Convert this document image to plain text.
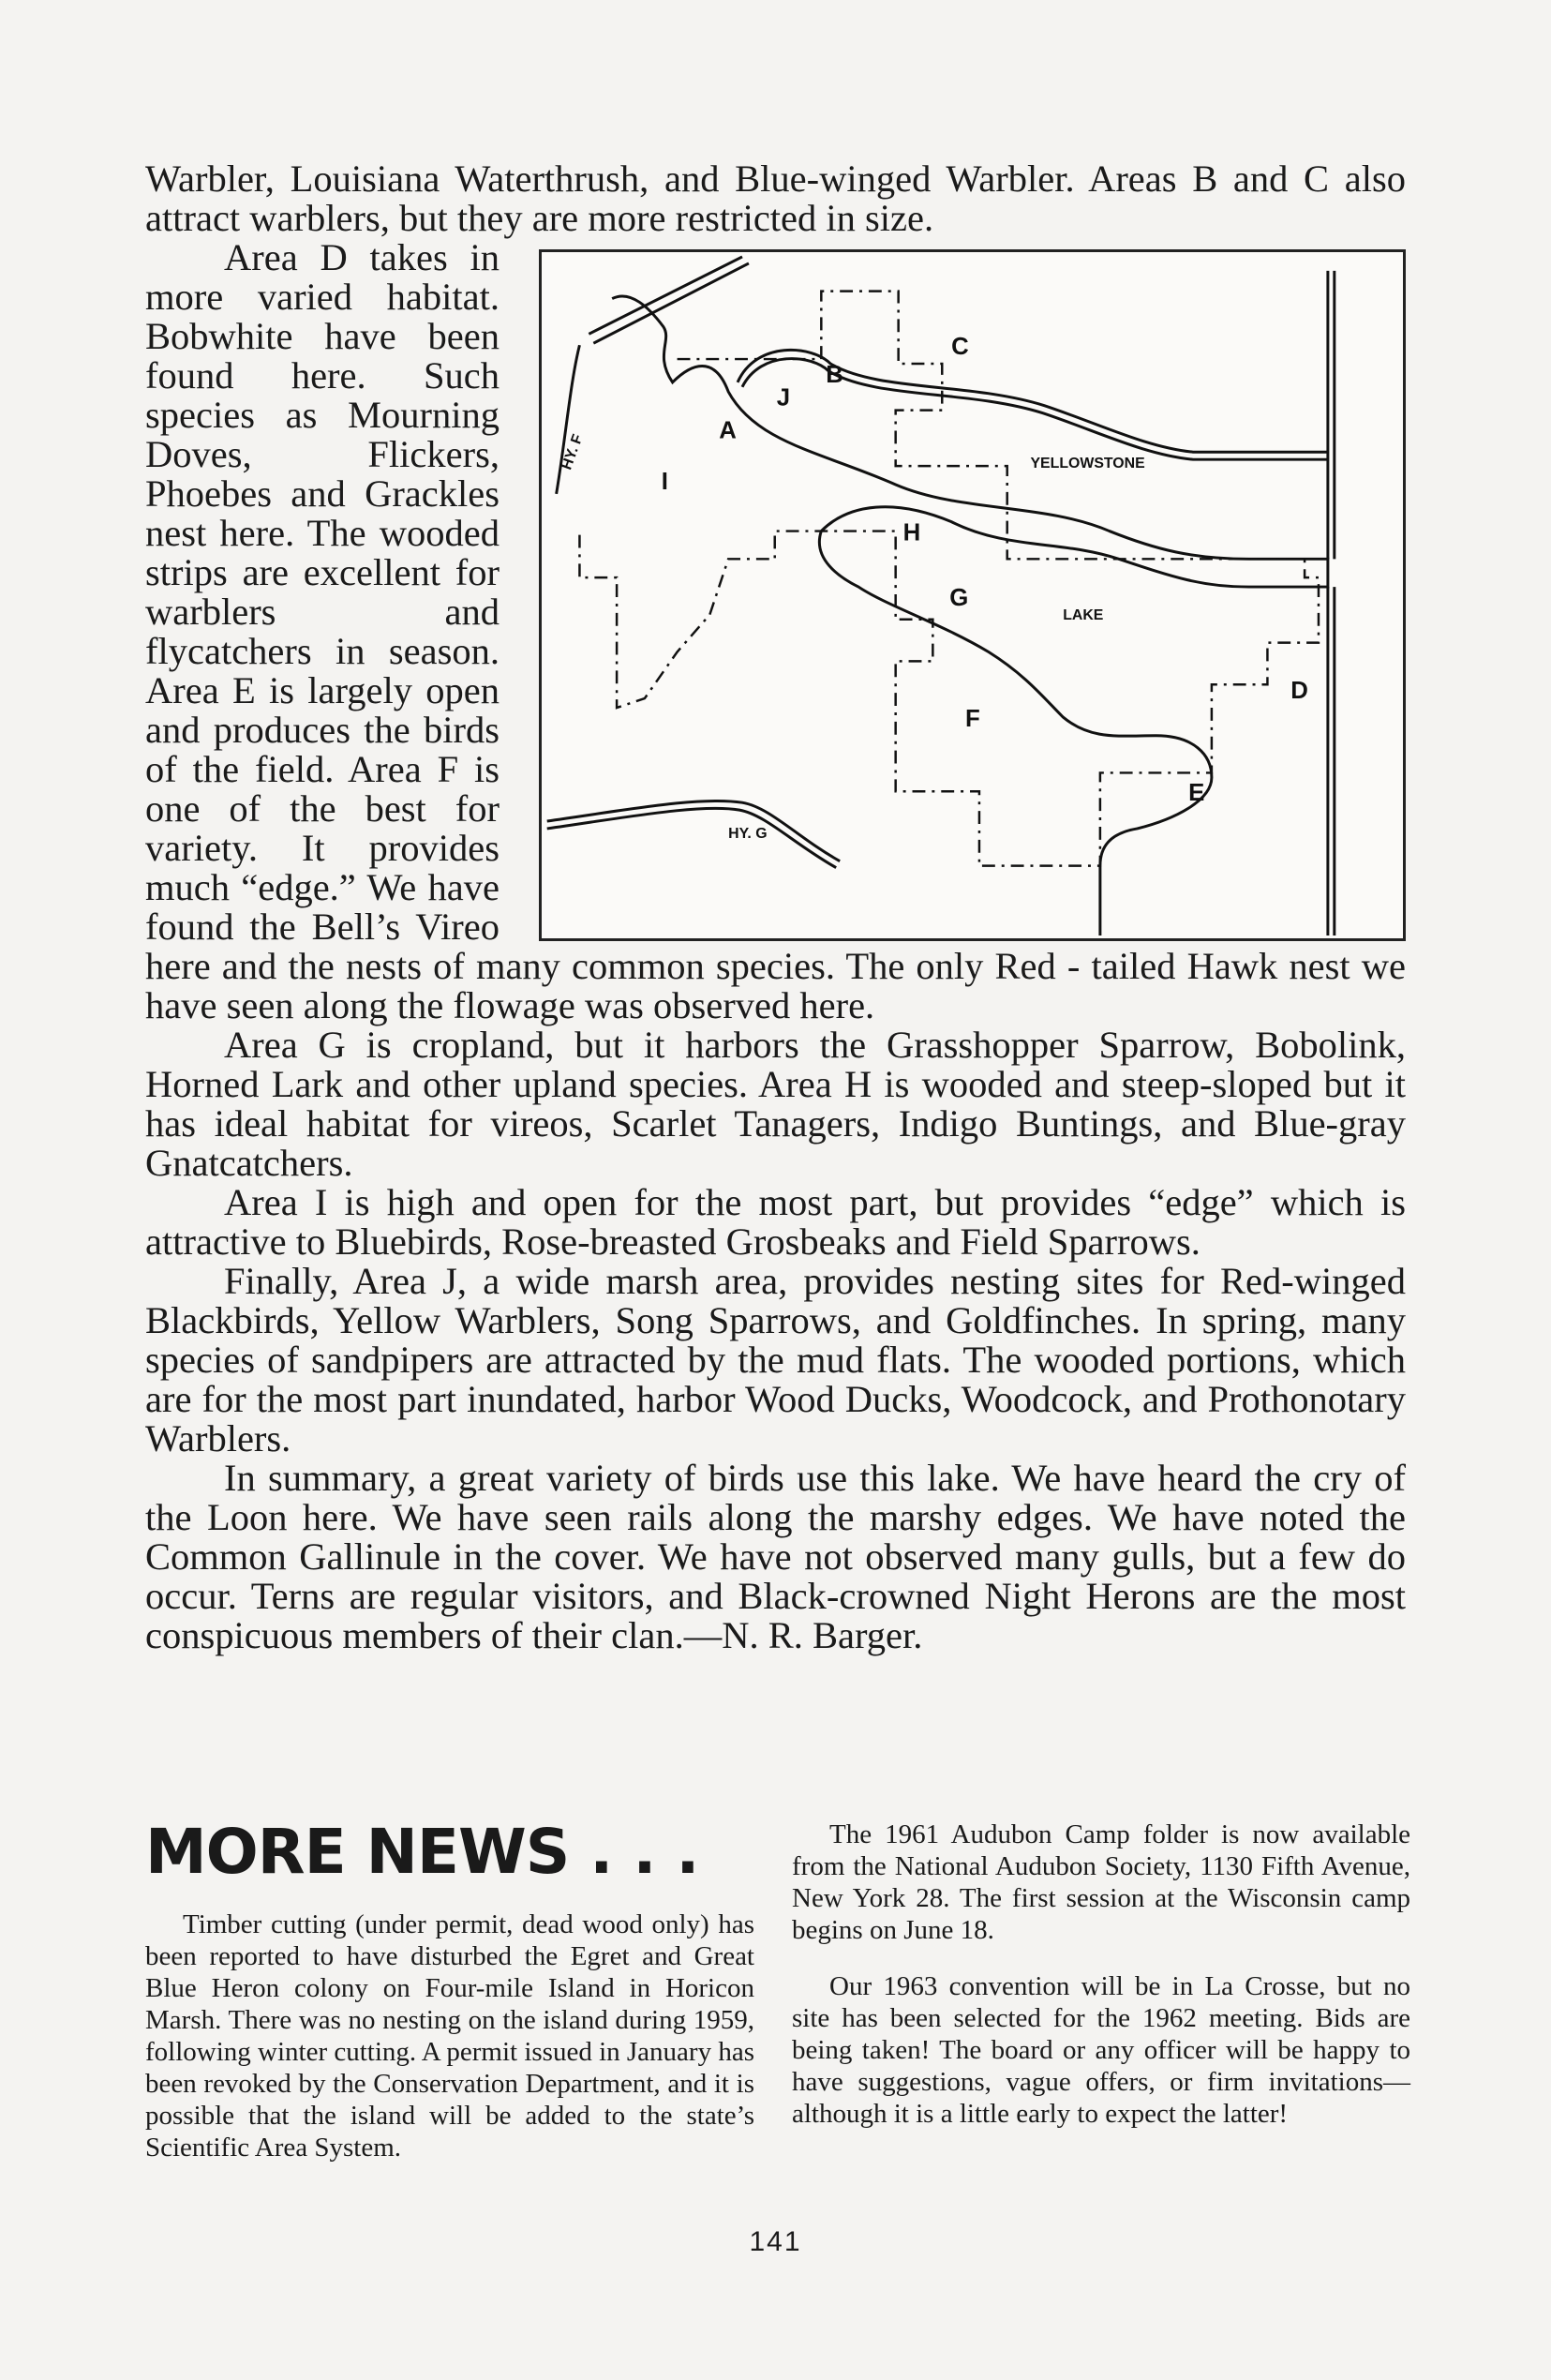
Warbler, Louisiana Waterthrush, and Blue-winged Warbler. Areas B and C also attract warblers, but they are more restricted in size.

YELLOWSTONE
LAKE
HY. F
HY. G
A
B
C
D
E
F
G
H
I
J

Area D takes in more varied habitat. Bobwhite have been found here. Such species as Mourning Doves, Flickers, Phoebes and Grackles nest here. The wooded strips are excellent for warblers and flycatchers in season. Area E is largely open and produces the birds of the field. Area F is one of the best for variety. It provides much “edge.” We have found the Bell’s Vireo here and the nests of many common species. The only Red - tailed Hawk nest we have seen along the flowage was observed here.

Area G is cropland, but it harbors the Grasshopper Sparrow, Bobolink, Horned Lark and other upland species. Area H is wooded and steep-sloped but it has ideal habitat for vireos, Scarlet Tanagers, Indigo Buntings, and Blue-gray Gnatcatchers.

Area I is high and open for the most part, but provides “edge” which is attractive to Bluebirds, Rose-breasted Grosbeaks and Field Sparrows.

Finally, Area J, a wide marsh area, provides nesting sites for Red-winged Blackbirds, Yellow Warblers, Song Sparrows, and Goldfinches. In spring, many species of sandpipers are attracted by the mud flats. The wooded portions, which are for the most part inundated, harbor Wood Ducks, Woodcock, and Prothonotary Warblers.

In summary, a great variety of birds use this lake. We have heard the cry of the Loon here. We have seen rails along the marshy edges. We have noted the Common Gallinule in the cover. We have not observed many gulls, but a few do occur. Terns are regular visitors, and Black-crowned Night Herons are the most conspicuous members of their clan.—N. R. Barger.

MORE NEWS . . .

Timber cutting (under permit, dead wood only) has been reported to have disturbed the Egret and Great Blue Heron colony on Four-mile Island in Horicon Marsh. There was no nesting on the island during 1959, following winter cutting. A permit issued in January has been revoked by the Conservation Department, and it is possible that the island will be added to the state’s Scientific Area System.

The 1961 Audubon Camp folder is now available from the National Audubon Society, 1130 Fifth Avenue, New York 28. The first session at the Wisconsin camp begins on June 18.

Our 1963 convention will be in La Crosse, but no site has been selected for the 1962 meeting. Bids are being taken! The board or any officer will be happy to have suggestions, vague offers, or firm invitations—although it is a little early to expect the latter!

141
